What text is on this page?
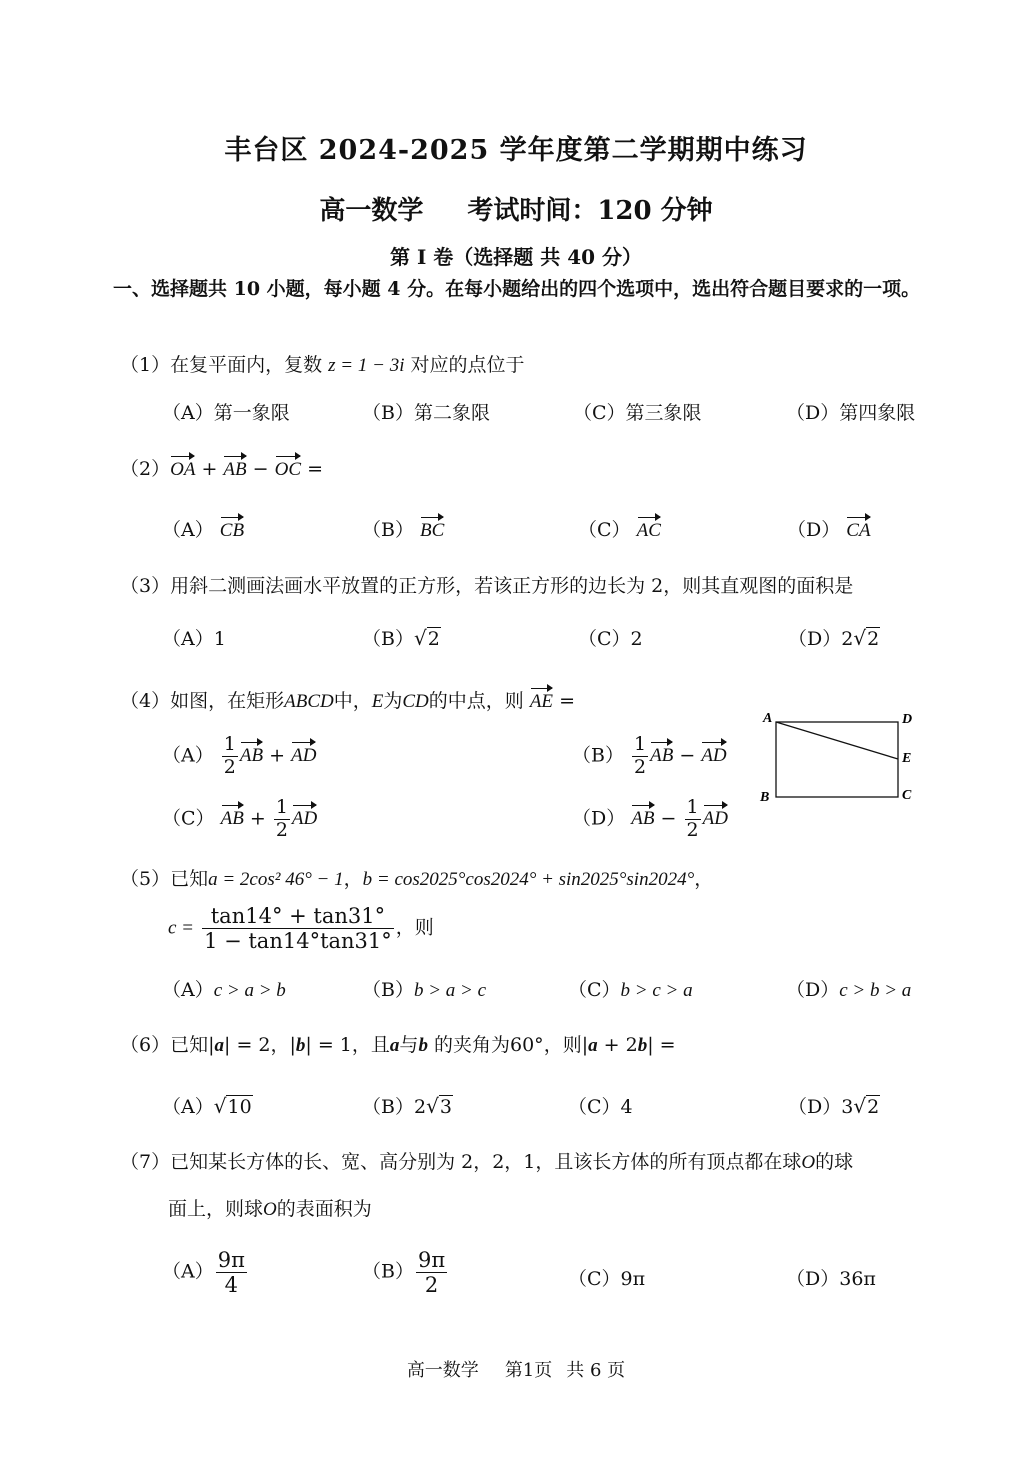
丰台区 2024-2025 学年度第二学期期中练习
高一数学 考试时间：120 分钟
第 I 卷（选择题 共 40 分）
一、选择题共 10 小题，每小题 4 分。在每小题给出的四个选项中，选出符合题目要求的一项。
（1）在复平面内，复数 z = 1 − 3i 对应的点位于
（A）第一象限	（B）第二象限	（C）第三象限	（D）第四象限
（2）OA + AB − OC =
（A） CB	（B） BC	（C） AC	（D） CA
（3）用斜二测画法画水平放置的正方形，若该正方形的边长为 2，则其直观图的面积是
（A）1	（B）√2	（C）2	（D）2√2
（4）如图，在矩形ABCD中，E为CD的中点，则 AE =
$(A) \frac{1}{2}$ AB + AD	$(B) \frac{1}{2}$ AB − AD
（C） AB + $\frac{1}{2}$ AD	（D） AB − $\frac{1}{2}$ AD
A	D
E
B	C
（5）已知a = 2cos² 46° − 1，b = cos2025°cos2024° + sin2025°sin2024°，
$c = \frac{\tan 14^\circ + \tan 31^\circ}{1 - \tan 14^\circ\tan 31^\circ}$ ，则
（A）c > a > b	（B）b > a > c	（C）b > c > a	（D）c > b > a
（6）已知|a| = 2，|b| = 1，且a与b 的夹角为60°，则|a + 2b| =
（A）√10	（B）2√3	（C）4	（D）3√2
（7）已知某长方体的长、宽、高分别为 2，2，1，且该长方体的所有顶点都在球O的球
面上，则球O的表面积为
$(A) \frac{9\pi}{4}$	$(B) \frac{9\pi}{2}$	（C）9π	（D）36π
高一数学 第1页 共 6 页
